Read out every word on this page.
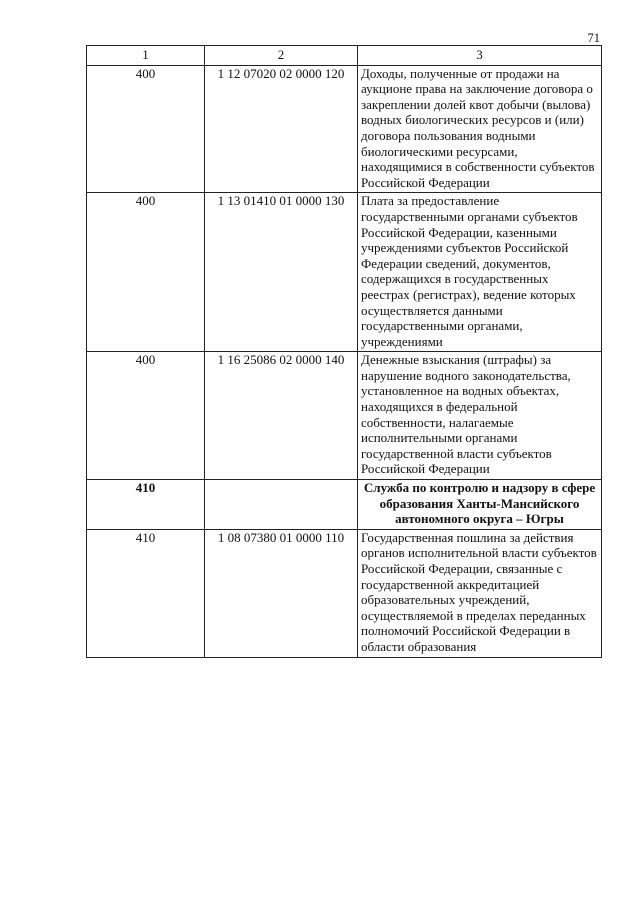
71
1	2	3
400	1 12 07020 02 0000 120	Доходы, полученные от продажи на аукционе права на заключение договора о закреплении долей квот добычи (вылова) водных биологических ресурсов и (или) договора пользования водными биологическими ресурсами, находящимися в собственности субъектов Российской Федерации
400	1 13 01410 01 0000 130	Плата за предоставление государственными органами субъектов Российской Федерации, казенными учреждениями субъектов Российской Федерации сведений, документов, содержащихся в государственных реестрах (регистрах), ведение которых осуществляется данными государственными органами, учреждениями
400	1 16 25086 02 0000 140	Денежные взыскания (штрафы) за нарушение водного законодательства, установленное на водных объектах, находящихся в федеральной собственности, налагаемые исполнительными органами государственной власти субъектов Российской Федерации
410		Служба по контролю и надзору в сфере образования Ханты-Мансийского автономного округа – Югры
410	1 08 07380 01 0000 110	Государственная пошлина за действия органов исполнительной власти субъектов Российской Федерации, связанные с государственной аккредитацией образовательных учреждений, осуществляемой в пределах переданных полномочий Российской Федерации в области образования
